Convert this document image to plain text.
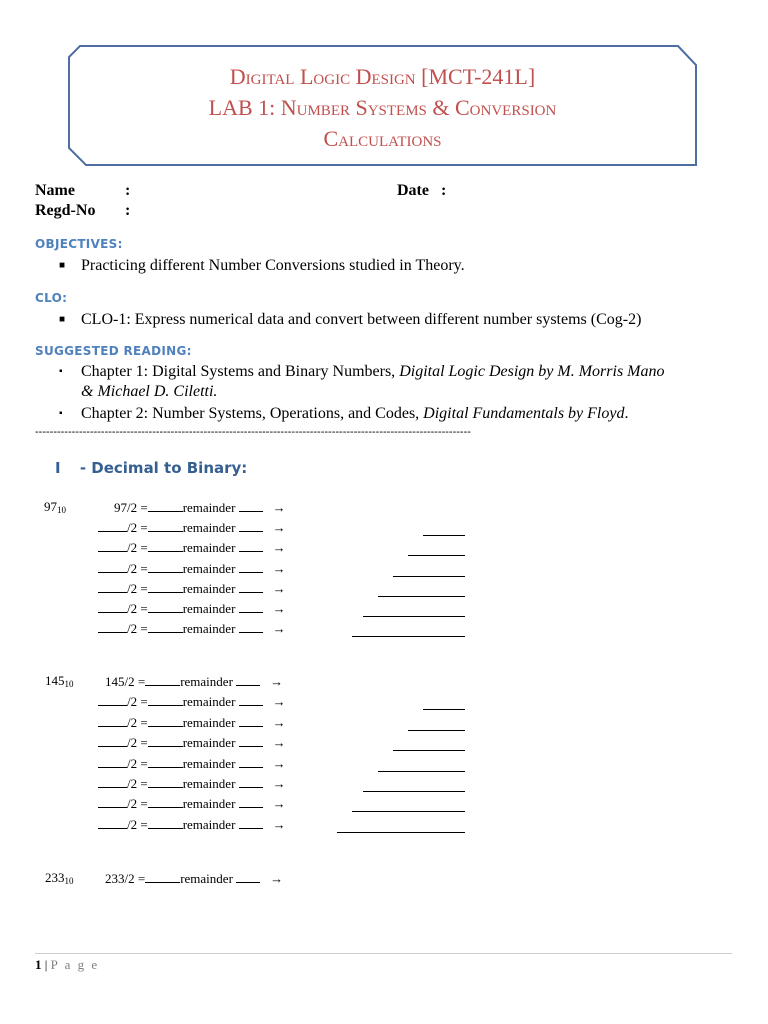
Digital Logic Design [MCT-241L]
LAB 1: Number Systems & Conversion
Calculations
Name	:	Date :
Regd-No :
OBJECTIVES:
■ Practicing different Number Conversions studied in Theory.
CLO:
■ CLO-1: Express numerical data and convert between different number systems (Cog-2)
SUGGESTED READING:
▪	Chapter 1: Digital Systems and Binary Numbers, Digital Logic Design by M. Morris Mano
& Michael D. Ciletti.
▪	Chapter 2: Number Systems, Operations, and Codes, Digital Fundamentals by Floyd.
-----------------------------------------------------------------------------------------------------------------------
I - Decimal to Binary:
$97_{10}$	97/2 =	remainder	→
/2 =	remainder	→
/2 =	remainder	→
/2 =	remainder	→
/2 =	remainder	→
/2 =	remainder	→
/2 =	remainder	→
$145_{10}$ 145/2 =	remainder	→
/2 =	remainder	→
/2 =	remainder	→
/2 =	remainder	→
/2 =	remainder	→
/2 =	remainder	→
/2 =	remainder	→
/2 =	remainder	→
$233_{10}$ 233/2 =	remainder	→
1 | P a g e
